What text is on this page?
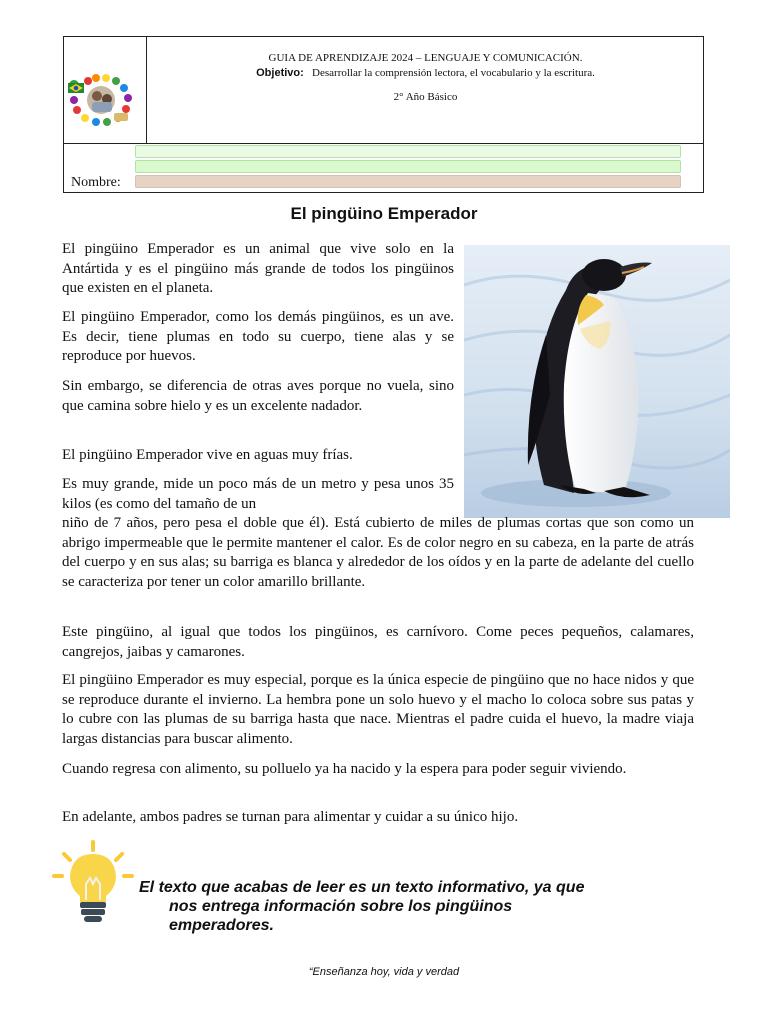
GUIA DE APRENDIZAJE 2024 – LENGUAJE Y COMUNICACIÓN.
Objetivo: Desarrollar la comprensión lectora, el vocabulario y la escritura.
2° Año Básico
Nombre:
El pingüino Emperador

El pingüino Emperador es un animal que vive solo en la Antártida y es el pingüino más grande de todos los pingüinos que existen en el planeta.

El pingüino Emperador, como los demás pingüinos, es un ave. Es decir, tiene plumas en todo su cuerpo, tiene alas y se reproduce por huevos.

Sin embargo, se diferencia de otras aves porque no vuela, sino que camina sobre hielo y es un excelente nadador.

El pingüino Emperador vive en aguas muy frías.

Es muy grande, mide un poco más de un metro y pesa unos 35 kilos (es como del tamaño de un

niño de 7 años, pero pesa el doble que él). Está cubierto de miles de plumas cortas que son como un abrigo impermeable que le permite mantener el calor. Es de color negro en su cabeza, en la parte de atrás del cuerpo y en sus alas; su barriga es blanca y alrededor de los oídos y en la parte de adelante del cuello se caracteriza por tener un color amarillo brillante.

Este pingüino, al igual que todos los pingüinos, es carnívoro. Come peces pequeños, calamares, cangrejos, jaibas y camarones.

El pingüino Emperador es muy especial, porque es la única especie de pingüino que no hace nidos y que se reproduce durante el invierno. La hembra pone un solo huevo y el macho lo coloca sobre sus patas y lo cubre con las plumas de su barriga hasta que nace. Mientras el padre cuida el huevo, la madre viaja largas distancias para buscar alimento.

Cuando regresa con alimento, su polluelo ya ha nacido y la espera para poder seguir viviendo.

En adelante, ambos padres se turnan para alimentar y cuidar a su único hijo.

El texto que acabas de leer es un texto informativo, ya que
nos entrega información sobre los pingüinos emperadores.
“Enseñanza hoy, vida y verdad
